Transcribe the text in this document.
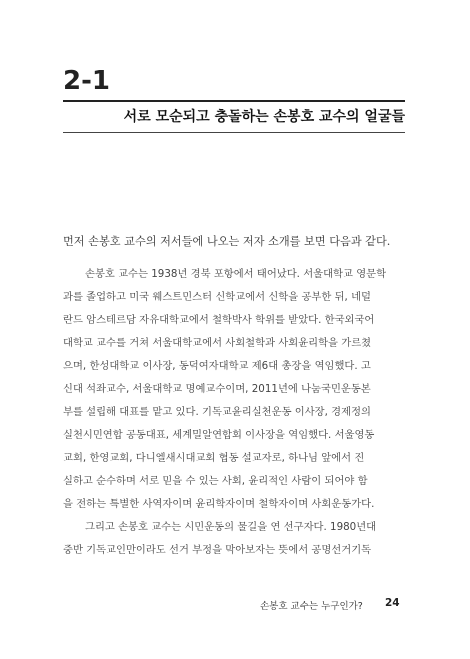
2-1
서로 모순되고 충돌하는 손봉호 교수의 얼굴들
먼저 손봉호 교수의 저서들에 나오는 저자 소개를 보면 다음과 같다.
손봉호 교수는 1938년 경북 포항에서 태어났다. 서울대학교 영문학
과를 졸업하고 미국 웨스트민스터 신학교에서 신학을 공부한 뒤, 네덜
란드 암스테르담 자유대학교에서 철학박사 학위를 받았다. 한국외국어
대학교 교수를 거쳐 서울대학교에서 사회철학과 사회윤리학을 가르쳤
으며, 한성대학교 이사장, 동덕여자대학교 제6대 총장을 역임했다. 고
신대 석좌교수, 서울대학교 명예교수이며, 2011년에 나눔국민운동본
부를 설립해 대표를 맡고 있다. 기독교윤리실천운동 이사장, 경제정의
실천시민연합 공동대표, 세계밀알연합회 이사장을 역임했다. 서울영동
교회, 한영교회, 다니엘새시대교회 협동 설교자로, 하나님 앞에서 진
실하고 순수하며 서로 믿을 수 있는 사회, 윤리적인 사람이 되어야 함
을 전하는 특별한 사역자이며 윤리학자이며 철학자이며 사회운동가다.
그리고 손봉호 교수는 시민운동의 물길을 연 선구자다. 1980년대
중반 기독교인만이라도 선거 부정을 막아보자는 뜻에서 공명선거기독
손봉호 교수는 누구인가? 24
